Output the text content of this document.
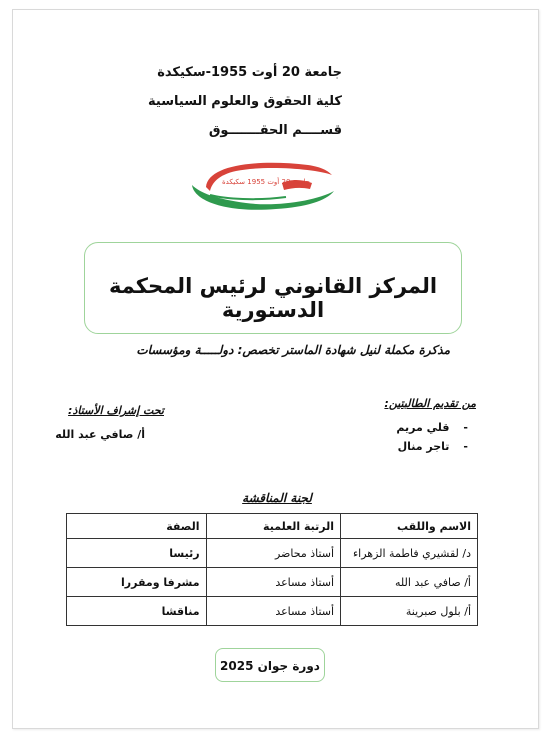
جامعة 20 أوت 1955-سكيكدة
كلية الحقوق والعلوم السياسية
قســــم الحقـــــــوق
جامعة 20 أوت 1955 سكيكدة
المركز القانوني لرئيس المحكمة الدستورية
مذكرة مكملة لنيل شهادة الماستر تخصص: دولـــــة ومؤسسات
من تقديم الطالبتين:
-قلي مريم
-تاجر منال
تحت إشراف الأستاذ:
أ/ صافي عبد الله
لجنة المناقشة
الاسم واللقب	الرتبة العلمية	الصفة
د/ لقشيري فاطمة الزهراء	أستاذ محاضر	رئيسا
أ/ صافي عبد الله	أستاذ مساعد	مشرفا ومقررا
أ/ بلول صبرينة	أستاذ مساعد	مناقشا
دورة جوان 2025
